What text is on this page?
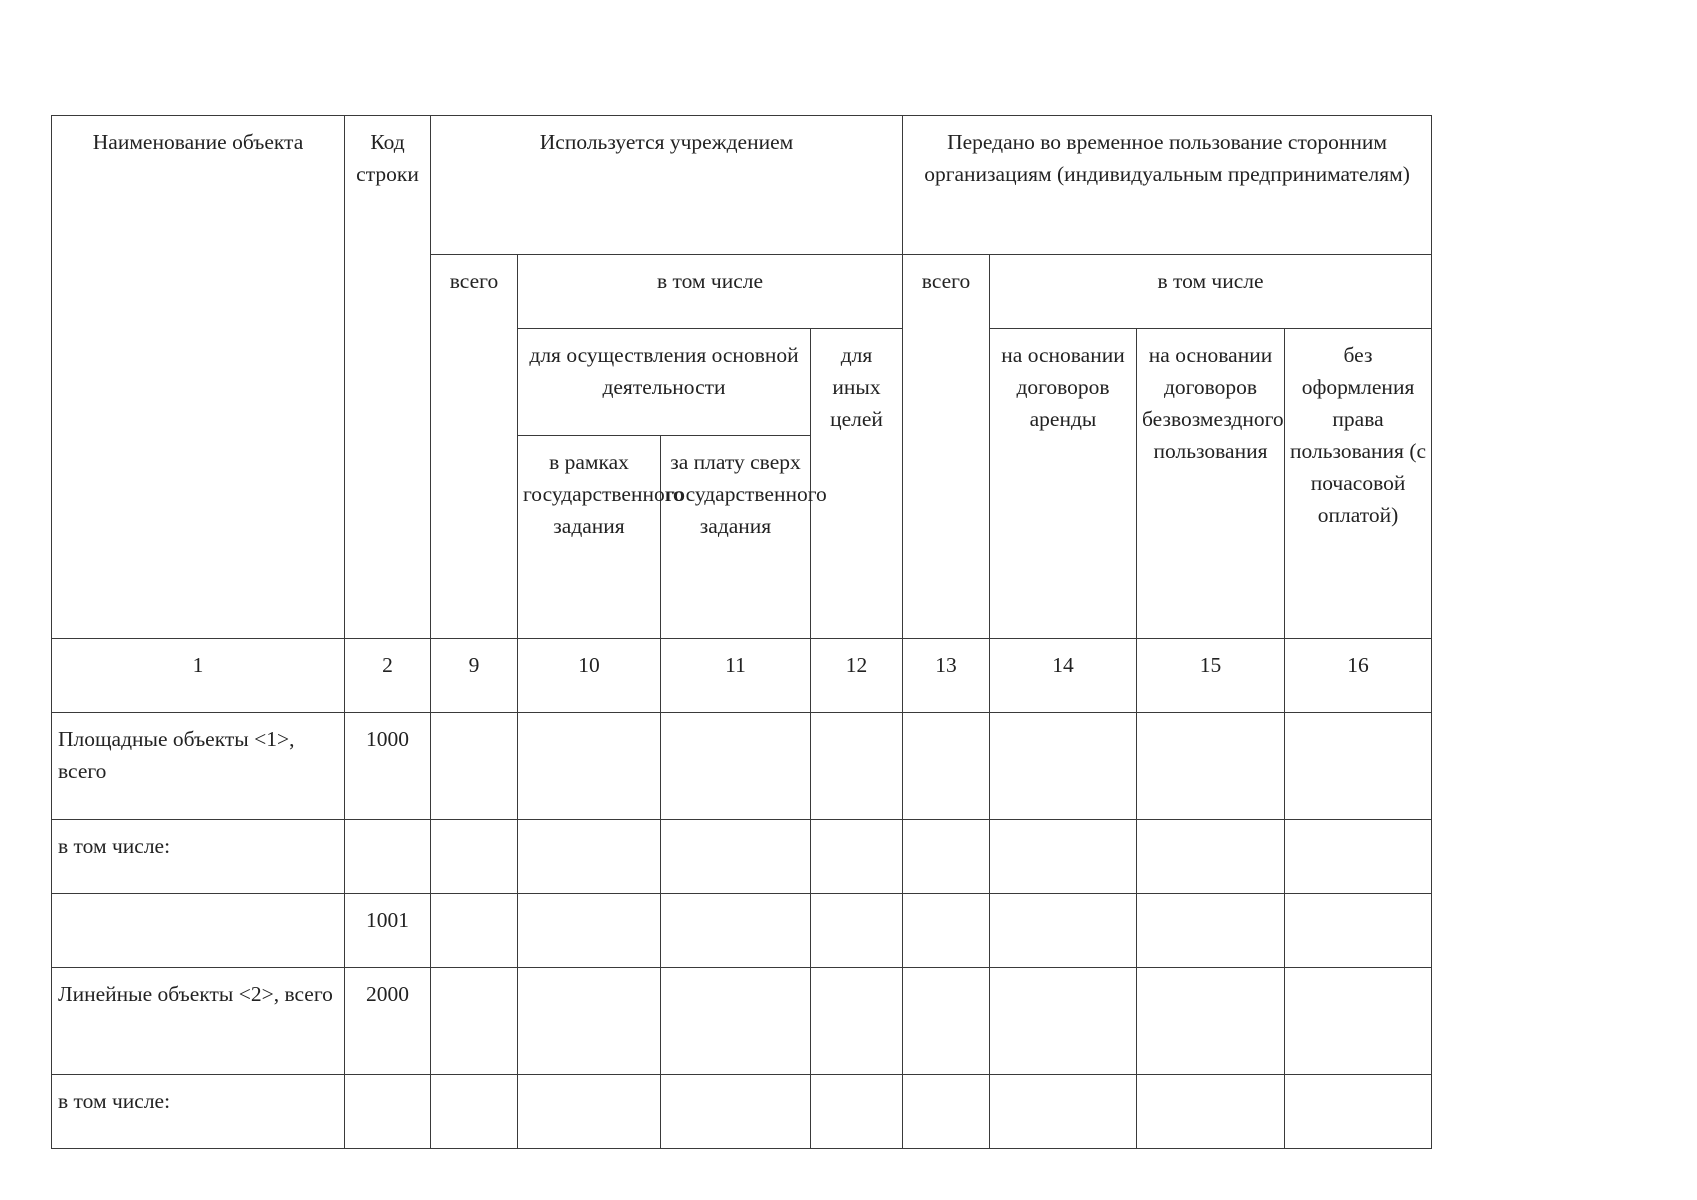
Наименование объекта	Код строки	Используется учреждением				Передано во временное пользование сторонним организациям (индивидуальным предпринимателям)			
		всего	в том числе			всего	в том числе		
			для осуществления основной деятельности		для иных целей		на основании договоров аренды	на основании договоров безвозмездного пользования	без оформления права пользования (с почасовой оплатой)
			в рамках государственного задания	за плату сверх государственного задания					
1	2	9	10	11	12	13	14	15	16
Площадные объекты <1>, всего	1000								
в том числе:									
	1001								
Линейные объекты <2>, всего	2000								
в том числе:									
